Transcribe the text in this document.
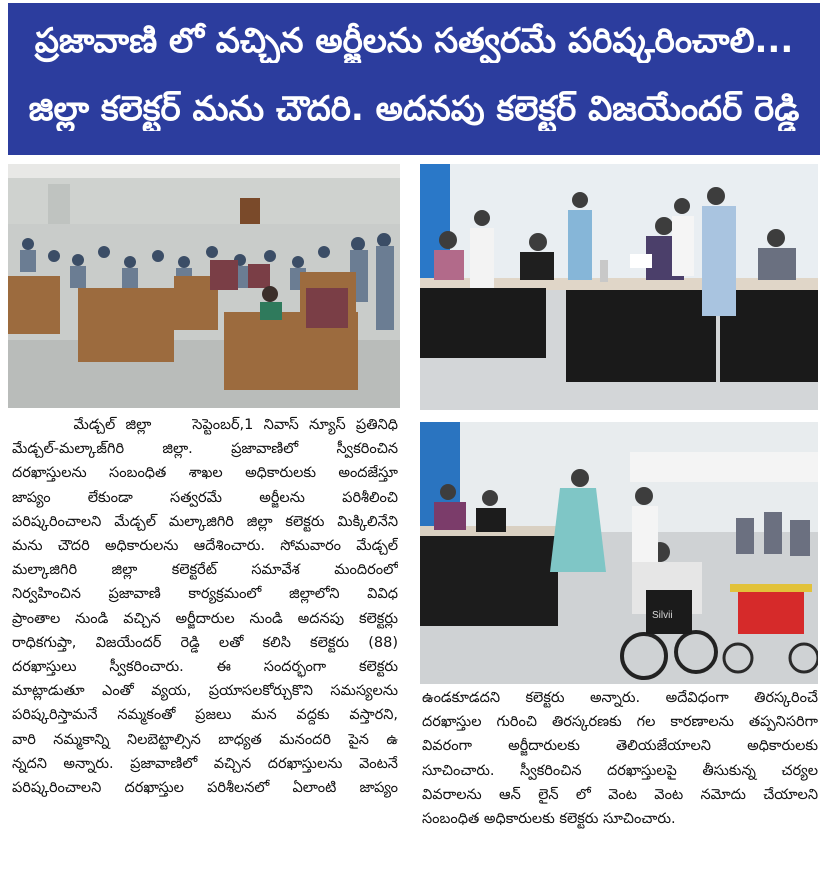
ప్రజావాణి లో వచ్చిన అర్జీలను సత్వరమే పరిష్కరించాలి...
జిల్లా కలెక్టర్ మను చౌదరి. అదనపు కలెక్టర్ విజయేందర్ రెడ్డి
Silvii

మేడ్చల్ జిల్లా    సెప్టెంబర్,1 నివాస్ న్యూస్ ప్రతినిధి

మేడ్చల్-మల్కాజ్‌గిరి జిల్లా. ప్రజావాణిలో స్వీకరించిన

దరఖాస్తులను సంబంధిత శాఖల అధికారులకు అందజేస్తూ

జాప్యం లేకుండా సత్వరమే అర్జీలను పరిశీలించి

పరిష్కరించాలని మేడ్చల్ మల్కాజిగిరి జిల్లా కలెక్టరు మిక్కిలినేని

మను చౌదరి అధికారులను ఆదేశించారు. సోమవారం మేడ్చల్

మల్కాజిగిరి జిల్లా కలెక్టరేట్ సమావేశ మందిరంలో

నిర్వహించిన ప్రజావాణి కార్యక్రమంలో జిల్లాలోని వివిధ

ప్రాంతాల నుండి వచ్చిన అర్జీదారుల నుండి అదనపు కలెక్టర్లు

రాధికగుప్తా, విజయేందర్ రెడ్డి లతో కలిసి కలెక్టరు (88)

దరఖాస్తులు స్వీకరించారు. ఈ సందర్భంగా కలెక్టరు

మాట్లాడుతూ ఎంతో వ్యయ, ప్రయాసలకోర్చుకొని సమస్యలను

పరిష్కరిస్తామనే నమ్మకంతో ప్రజలు మన వద్దకు వస్తారని,

వారి నమ్మకాన్ని నిలబెట్టాల్సిన బాధ్యత మనందరి పైన ఉ

న్నదని అన్నారు. ప్రజావాణిలో వచ్చిన దరఖాస్తులను వెంటనే

పరిష్కరించాలని దరఖాస్తుల పరిశీలనలో ఏలాంటి జాప్యం

ఉండకూడదని కలెక్టరు అన్నారు. అదేవిధంగా తిరస్కరించే

దరఖాస్తుల గురించి తిరస్కరణకు గల కారణాలను తప్పనిసరిగా

వివరంగా అర్జీదారులకు తెలియజేయాలని అధికారులకు

సూచించారు. స్వీకరించిన దరఖాస్తులపై తీసుకున్న చర్యల

వివరాలను ఆన్ లైన్ లో వెంట వెంట నమోదు చేయాలని

సంబంధిత అధికారులకు కలెక్టరు సూచించారు.
